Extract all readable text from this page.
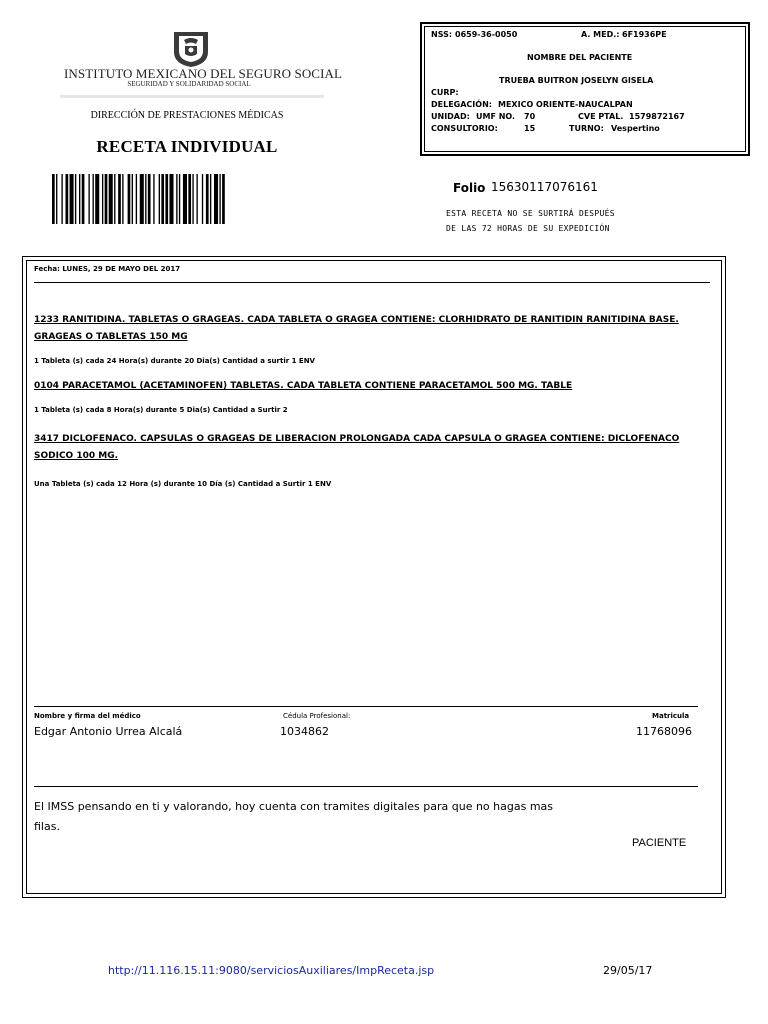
INSTITUTO MEXICANO DEL SEGURO SOCIAL
SEGURIDAD Y SOLIDARIDAD SOCIAL
DIRECCIÓN DE PRESTACIONES MÉDICAS
RECETA INDIVIDUAL
NSS: 0659-36-0050	A. MED.: 6F1936PE
NOMBRE DEL PACIENTE
TRUEBA BUITRON JOSELYN GISELA
CURP:
DELEGACIÓN: MEXICO ORIENTE-NAUCALPAN
UNIDAD: UMF NO. 70	CVE PTAL. 1579872167
CONSULTORIO:	15	TURNO: Vespertino
Folio 15630117076161
ESTA RECETA NO SE SURTIRÁ DESPUÉS
DE LAS 72 HORAS DE SU EXPEDICIÓN
Fecha: LUNES, 29 DE MAYO DEL 2017
1233 RANITIDINA. TABLETAS O GRAGEAS. CADA TABLETA O GRAGEA CONTIENE: CLORHIDRATO DE RANITIDIN RANITIDINA BASE. GRAGEAS O TABLETAS 150 MG
1 Tableta (s) cada 24 Hora(s) durante 20 Dia(s) Cantidad a surtir 1 ENV
0104 PARACETAMOL (ACETAMINOFEN) TABLETAS. CADA TABLETA CONTIENE PARACETAMOL 500 MG. TABLE
1 Tableta (s) cada 8 Hora(s) durante 5 Dia(s) Cantidad a Surtir 2
3417 DICLOFENACO. CAPSULAS O GRAGEAS DE LIBERACION PROLONGADA CADA CAPSULA O GRAGEA CONTIENE: DICLOFENACO SODICO 100 MG.
Una Tableta (s) cada 12 Hora (s) durante 10 Día (s) Cantidad a Surtir 1 ENV
Nombre y firma del médico	Cédula Profesional:	Matricula
Edgar Antonio Urrea Alcalá	1034862	11768096
El IMSS pensando en ti y valorando, hoy cuenta con tramites digitales para que no hagas mas filas.
PACIENTE
http://11.116.15.11:9080/serviciosAuxiliares/ImpReceta.jsp	29/05/17
